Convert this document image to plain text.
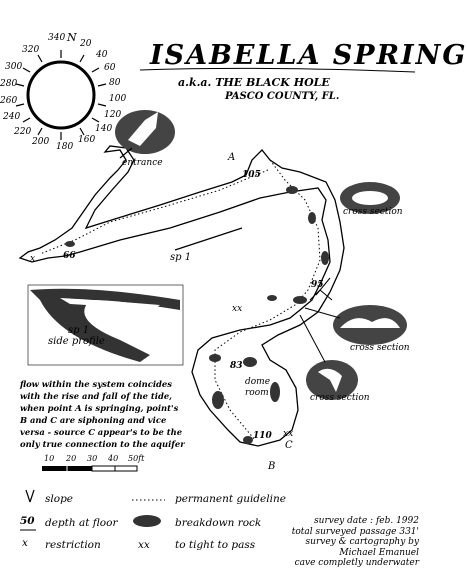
ISABELLA SPRING
a.k.a. THE BLACK HOLE
PASCO COUNTY, FL.
340 N 20
40
60
80
100
120
140
160
180
200
220
240
260
280
300
320
entrance	A
105
66
95
83
110
B
C
sp 1
sp 1
side profile
dome
room
cross section
cross section
cross section
x
xx
xx
flow within the system coincides with the rise and fall of the tide, when point A is springing, point's B and C are siphoning and vice versa - source C appear's to be the only true connection to the aquifer
10 20 30 40 50ft
slope
50 depth at floor
x restriction
permanent guideline
breakdown rock
xx to tight to pass
survey date : feb. 1992
total surveyed passage 331'
survey & cartography by
Michael Emanuel
cave completly underwater
